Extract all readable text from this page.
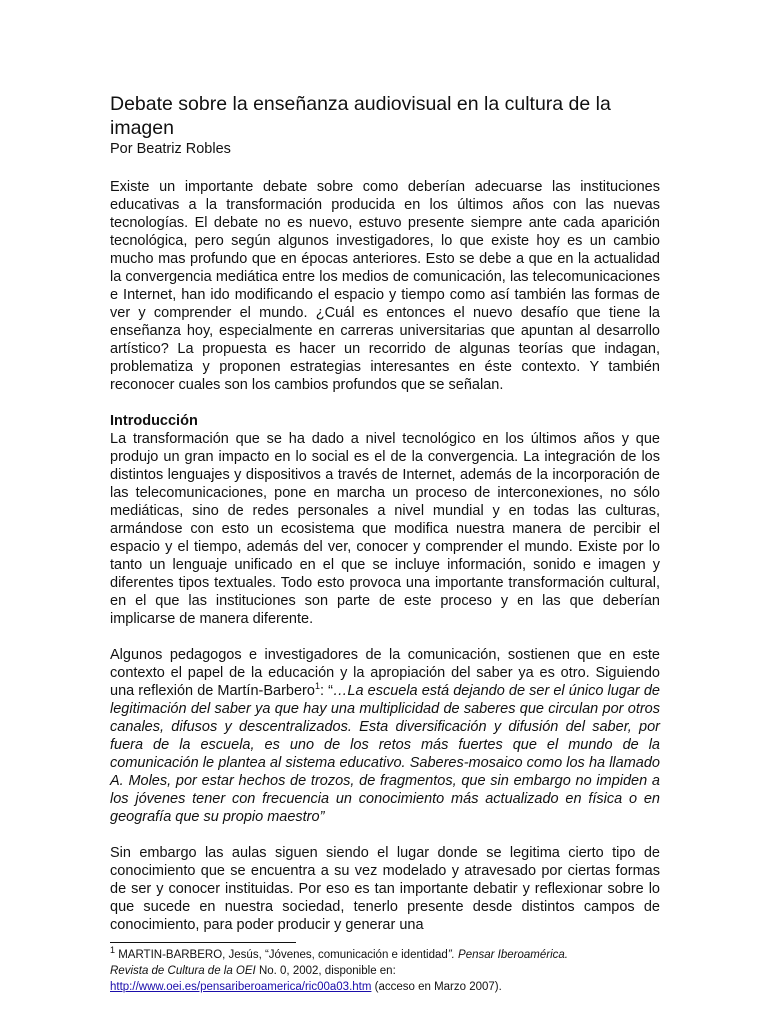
Debate sobre la enseñanza audiovisual en la cultura de la imagen

Por Beatriz Robles

Existe un importante debate sobre como deberían adecuarse las instituciones educativas a la transformación producida en los últimos años con las nuevas tecnologías. El debate no es nuevo, estuvo presente siempre ante cada aparición tecnológica, pero según algunos investigadores, lo que existe hoy es un cambio mucho mas profundo que en épocas anteriores. Esto se debe a que en la actualidad la convergencia mediática entre los medios de comunicación, las telecomunicaciones e Internet, han ido modificando el espacio y tiempo como así también las formas de ver y comprender el mundo. ¿Cuál es entonces el nuevo desafío que tiene la enseñanza hoy, especialmente en carreras universitarias que apuntan al desarrollo artístico? La propuesta es hacer un recorrido de algunas teorías que indagan, problematiza y proponen estrategias interesantes en éste contexto. Y también reconocer cuales son los cambios profundos que se señalan.

Introducción

La transformación que se ha dado a nivel tecnológico en los últimos años y que produjo un gran impacto en lo social es el de la convergencia. La integración de los distintos lenguajes y dispositivos a través de Internet, además de la incorporación de las telecomunicaciones, pone en marcha un proceso de interconexiones, no sólo mediáticas, sino de redes personales a nivel mundial y en todas las culturas, armándose con esto un ecosistema que modifica nuestra manera de percibir el espacio y el tiempo, además del ver, conocer y comprender el mundo. Existe por lo tanto un lenguaje unificado en el que se incluye información, sonido e imagen y diferentes tipos textuales. Todo esto provoca una importante transformación cultural, en el que las instituciones son parte de este proceso y en las que deberían implicarse de manera diferente.

Algunos pedagogos e investigadores de la comunicación, sostienen que en este contexto el papel de la educación y la apropiación del saber ya es otro. Siguiendo una reflexión de Martín-Barbero$^1$: “…La escuela está dejando de ser el único lugar de legitimación del saber ya que hay una multiplicidad de saberes que circulan por otros canales, difusos y descentralizados. Esta diversificación y difusión del saber, por fuera de la escuela, es uno de los retos más fuertes que el mundo de la comunicación le plantea al sistema educativo. Saberes-mosaico como los ha llamado A. Moles, por estar hechos de trozos, de fragmentos, que sin embargo no impiden a los jóvenes tener con frecuencia un conocimiento más actualizado en física o en geografía que su propio maestro”

Sin embargo las aulas siguen siendo el lugar donde se legitima cierto tipo de conocimiento que se encuentra a su vez modelado y atravesado por ciertas formas de ser y conocer instituidas. Por eso es tan importante debatir y reflexionar sobre lo que sucede en nuestra sociedad, tenerlo presente desde distintos campos de conocimiento, para poder producir y generar una

$^1$ MARTIN-BARBERO, Jesús, “Jóvenes, comunicación e identidad”. Pensar Iberoamérica.
Revista de Cultura de la OEI No. 0, 2002, disponible en:
http://www.oei.es/pensariberoamerica/ric00a03.htm (acceso en Marzo 2007).
